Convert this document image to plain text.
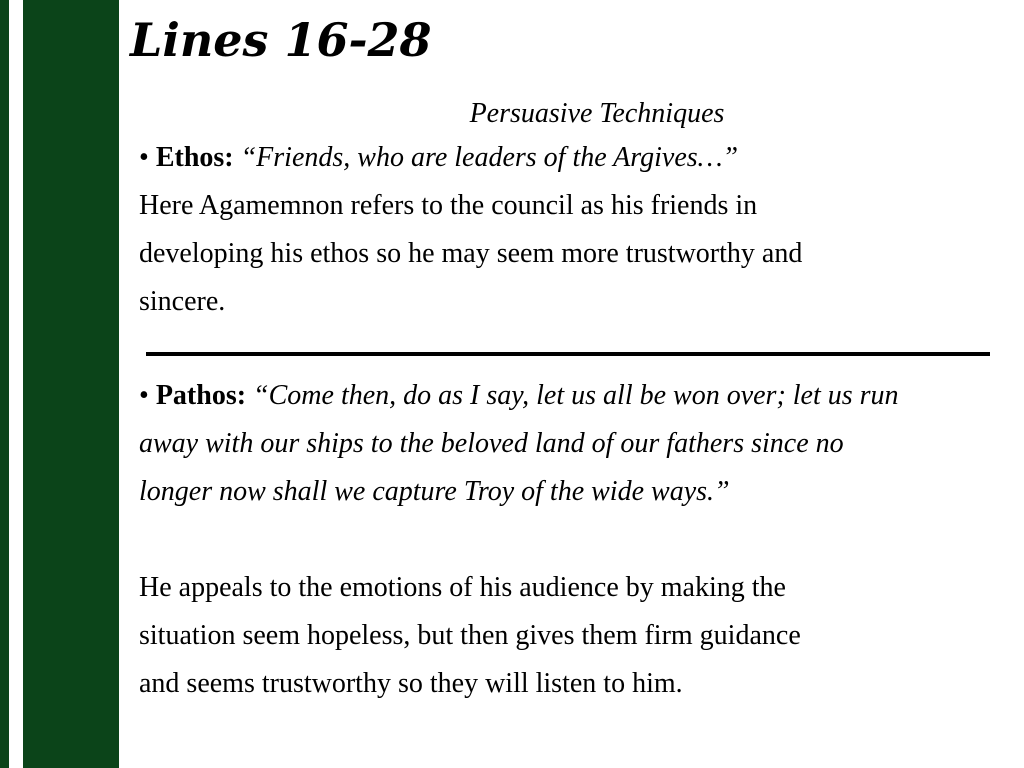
Lines 16-28
Persuasive Techniques
• Ethos: “Friends, who are leaders of the Argives…”
Here Agamemnon refers to the council as his friends in
developing his ethos so he may seem more trustworthy and
sincere.
• Pathos: “Come then, do as I say, let us all be won over; let us run
away with our ships to the beloved land of our fathers since no
longer now shall we capture Troy of the wide ways.”
He appeals to the emotions of his audience by making the
situation seem hopeless, but then gives them firm guidance
and seems trustworthy so they will listen to him.
